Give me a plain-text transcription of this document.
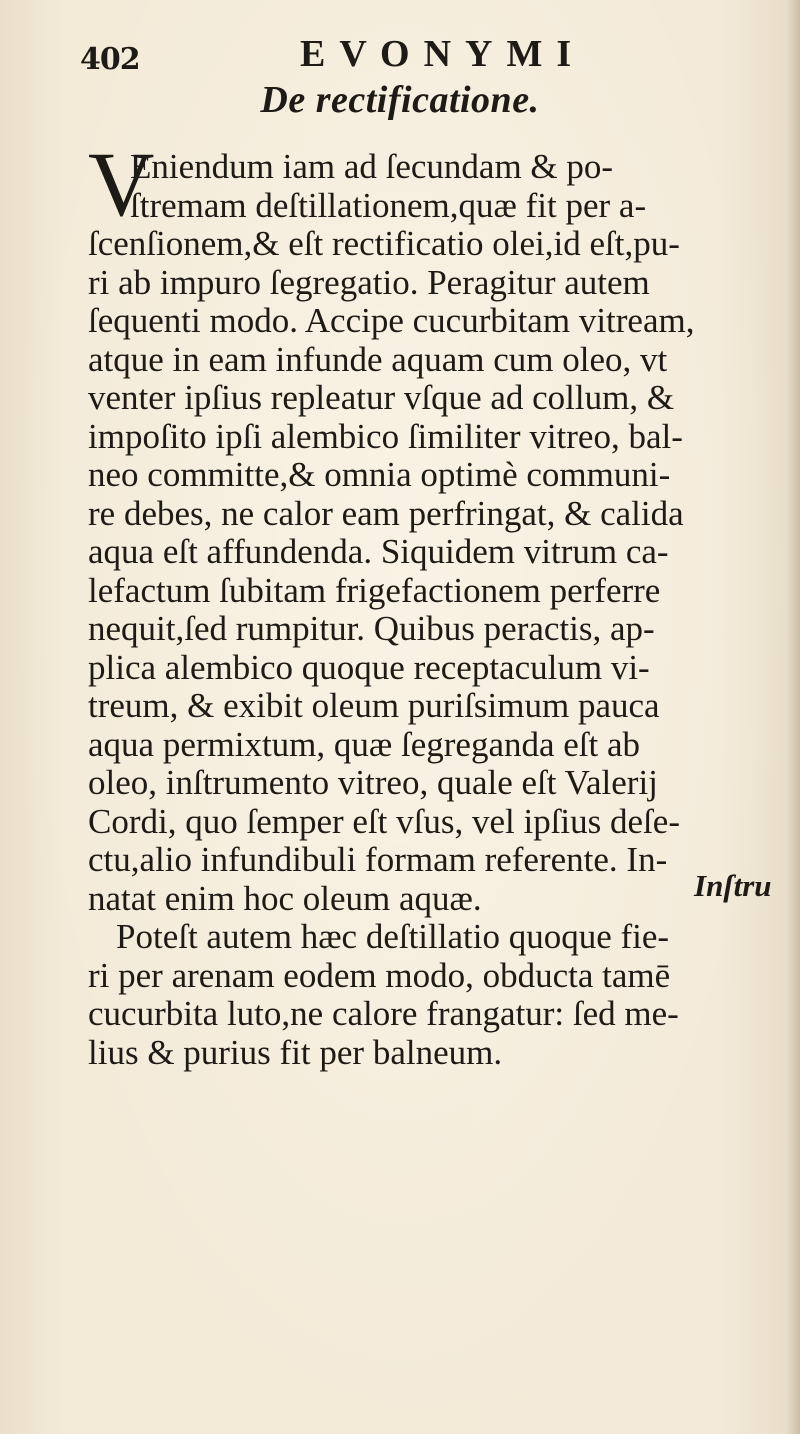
402	EVONYMI
De rectificatione.
V
Eniendum iam ad ſecundam & po-
ſtremam deſtillationem,quæ fit per a-
ſcenſionem,& eſt rectificatio olei,id eſt,pu-
ri ab impuro ſegregatio. Peragitur autem
ſequenti modo. Accipe cucurbitam vitream,
atque in eam infunde aquam cum oleo, vt
venter ipſius repleatur vſque ad collum, &
impoſito ipſi alembico ſimiliter vitreo, bal-
neo committe,& omnia optimè communi-
re debes, ne calor eam perfringat, & calida
aqua eſt affundenda. Siquidem vitrum ca-
lefactum ſubitam frigefactionem perferre
nequit,ſed rumpitur. Quibus peractis, ap-
plica alembico quoque receptaculum vi-
treum, & exibit oleum puriſsimum pauca
aqua permixtum, quæ ſegreganda eſt ab
oleo, inſtrumento vitreo, quale eſt Valerij
Cordi, quo ſemper eſt vſus, vel ipſius deſe-
ctu,alio infundibuli formam referente. In-
natat enim hoc oleum aquæ.
Poteſt autem hæc deſtillatio quoque fie-
ri per arenam eodem modo, obducta tamē
cucurbita luto,ne calore frangatur: ſed me-
lius & purius fit per balneum.
Inſtru
